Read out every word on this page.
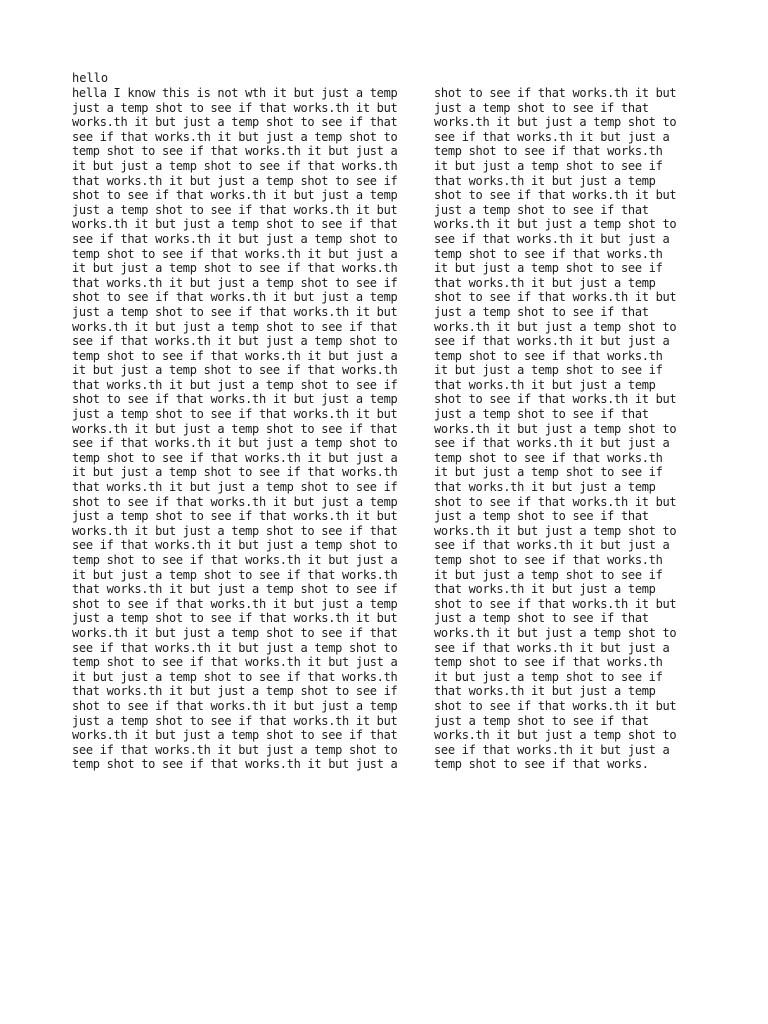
hello
hella I know this is not wth it but just a temp
just a temp shot to see if that works.th it but
works.th it but just a temp shot to see if that
see if that works.th it but just a temp shot to
temp shot to see if that works.th it but just a
it but just a temp shot to see if that works.th
that works.th it but just a temp shot to see if
shot to see if that works.th it but just a temp
just a temp shot to see if that works.th it but
works.th it but just a temp shot to see if that
see if that works.th it but just a temp shot to
temp shot to see if that works.th it but just a
it but just a temp shot to see if that works.th
that works.th it but just a temp shot to see if
shot to see if that works.th it but just a temp
just a temp shot to see if that works.th it but
works.th it but just a temp shot to see if that
see if that works.th it but just a temp shot to
temp shot to see if that works.th it but just a
it but just a temp shot to see if that works.th
that works.th it but just a temp shot to see if
shot to see if that works.th it but just a temp
just a temp shot to see if that works.th it but
works.th it but just a temp shot to see if that
see if that works.th it but just a temp shot to
temp shot to see if that works.th it but just a
it but just a temp shot to see if that works.th
that works.th it but just a temp shot to see if
shot to see if that works.th it but just a temp
just a temp shot to see if that works.th it but
works.th it but just a temp shot to see if that
see if that works.th it but just a temp shot to
temp shot to see if that works.th it but just a
it but just a temp shot to see if that works.th
that works.th it but just a temp shot to see if
shot to see if that works.th it but just a temp
just a temp shot to see if that works.th it but
works.th it but just a temp shot to see if that
see if that works.th it but just a temp shot to
temp shot to see if that works.th it but just a
it but just a temp shot to see if that works.th
that works.th it but just a temp shot to see if
shot to see if that works.th it but just a temp
just a temp shot to see if that works.th it but
works.th it but just a temp shot to see if that
see if that works.th it but just a temp shot to
temp shot to see if that works.th it but just a
shot to see if that works.th it but
just a temp shot to see if that
works.th it but just a temp shot to
see if that works.th it but just a
temp shot to see if that works.th
it but just a temp shot to see if
that works.th it but just a temp
shot to see if that works.th it but
just a temp shot to see if that
works.th it but just a temp shot to
see if that works.th it but just a
temp shot to see if that works.th
it but just a temp shot to see if
that works.th it but just a temp
shot to see if that works.th it but
just a temp shot to see if that
works.th it but just a temp shot to
see if that works.th it but just a
temp shot to see if that works.th
it but just a temp shot to see if
that works.th it but just a temp
shot to see if that works.th it but
just a temp shot to see if that
works.th it but just a temp shot to
see if that works.th it but just a
temp shot to see if that works.th
it but just a temp shot to see if
that works.th it but just a temp
shot to see if that works.th it but
just a temp shot to see if that
works.th it but just a temp shot to
see if that works.th it but just a
temp shot to see if that works.th
it but just a temp shot to see if
that works.th it but just a temp
shot to see if that works.th it but
just a temp shot to see if that
works.th it but just a temp shot to
see if that works.th it but just a
temp shot to see if that works.th
it but just a temp shot to see if
that works.th it but just a temp
shot to see if that works.th it but
just a temp shot to see if that
works.th it but just a temp shot to
see if that works.th it but just a
temp shot to see if that works.
